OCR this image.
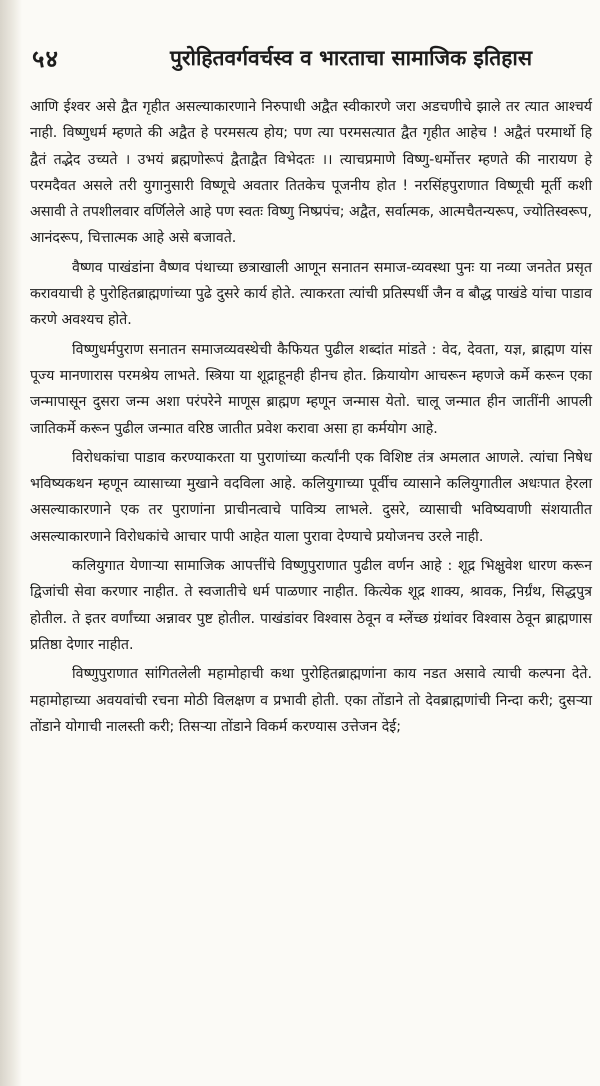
५४	पुरोहितवर्गवर्चस्व व भारताचा सामाजिक इतिहास

आणि ईश्वर असे द्वैत गृहीत असल्याकारणाने निरुपाधी अद्वैत स्वीकारणे जरा अडचणीचे झाले तर त्यात आश्चर्य नाही. विष्णुधर्म म्हणते की अद्वैत हे परमसत्य होय; पण त्या परमसत्यात द्वैत गृहीत आहेच ! अद्वैतं परमार्थो हि द्वैतं तद्भेद उच्यते । उभयं ब्रह्मणोरूपं द्वैताद्वैत विभेदतः ।। त्याचप्रमाणे विष्णु-धर्मोत्तर म्हणते की नारायण हे परमदैवत असले तरी युगानुसारी विष्णूचे अवतार तितकेच पूजनीय होत ! नरसिंहपुराणात विष्णूची मूर्ती कशी असावी ते तपशीलवार वर्णिलेले आहे पण स्वतः विष्णु निष्प्रपंच; अद्वैत, सर्वात्मक, आत्मचैतन्यरूप, ज्योतिस्वरूप, आनंदरूप, चित्तात्मक आहे असे बजावते.

वैष्णव पाखंडांना वैष्णव पंथाच्या छत्राखाली आणून सनातन समाज-व्यवस्था पुनः या नव्या जनतेत प्रसृत करावयाची हे पुरोहितब्राह्मणांच्या पुढे दुसरे कार्य होते. त्याकरता त्यांची प्रतिस्पर्धी जैन व बौद्ध पाखंडे यांचा पाडाव करणे अवश्यच होते.

विष्णुधर्मपुराण सनातन समाजव्यवस्थेची कैफियत पुढील शब्दांत मांडते : वेद, देवता, यज्ञ, ब्राह्मण यांस पूज्य मानणारास परमश्रेय लाभते. स्त्रिया या शूद्राहूनही हीनच होत. क्रियायोग आचरून म्हणजे कर्मे करून एका जन्मापासून दुसरा जन्म अशा परंपरेने माणूस ब्राह्मण म्हणून जन्मास येतो. चालू जन्मात हीन जातींनी आपली जातिकर्मे करून पुढील जन्मात वरिष्ठ जातीत प्रवेश करावा असा हा कर्मयोग आहे.

विरोधकांचा पाडाव करण्याकरता या पुराणांच्या कर्त्यांनी एक विशिष्ट तंत्र अमलात आणले. त्यांचा निषेध भविष्यकथन म्हणून व्यासाच्या मुखाने वदविला आहे. कलियुगाच्या पूर्वीच व्यासाने कलियुगातील अधःपात हेरला असल्याकारणाने एक तर पुराणांना प्राचीनत्वाचे पावित्र्य लाभले. दुसरे, व्यासाची भविष्यवाणी संशयातीत असल्याकारणाने विरोधकांचे आचार पापी आहेत याला पुरावा देण्याचे प्रयोजनच उरले नाही.

कलियुगात येणाऱ्या सामाजिक आपत्तींचे विष्णुपुराणात पुढील वर्णन आहे : शूद्र भिक्षुवेश धारण करून द्विजांची सेवा करणार नाहीत. ते स्वजातीचे धर्म पाळणार नाहीत. कित्येक शूद्र शाक्य, श्रावक, निर्ग्रंथ, सिद्धपुत्र होतील. ते इतर वर्णांच्या अन्नावर पुष्ट होतील. पाखंडांवर विश्वास ठेवून व म्लेंच्छ ग्रंथांवर विश्वास ठेवून ब्राह्मणास प्रतिष्ठा देणार नाहीत.

विष्णुपुराणात सांगितलेली महामोहाची कथा पुरोहितब्राह्मणांना काय नडत असावे त्याची कल्पना देते. महामोहाच्या अवयवांची रचना मोठी विलक्षण व प्रभावी होती. एका तोंडाने तो देवब्राह्मणांची निन्दा करी; दुसऱ्या तोंडाने योगाची नालस्ती करी; तिसऱ्या तोंडाने विकर्म करण्यास उत्तेजन देई;
